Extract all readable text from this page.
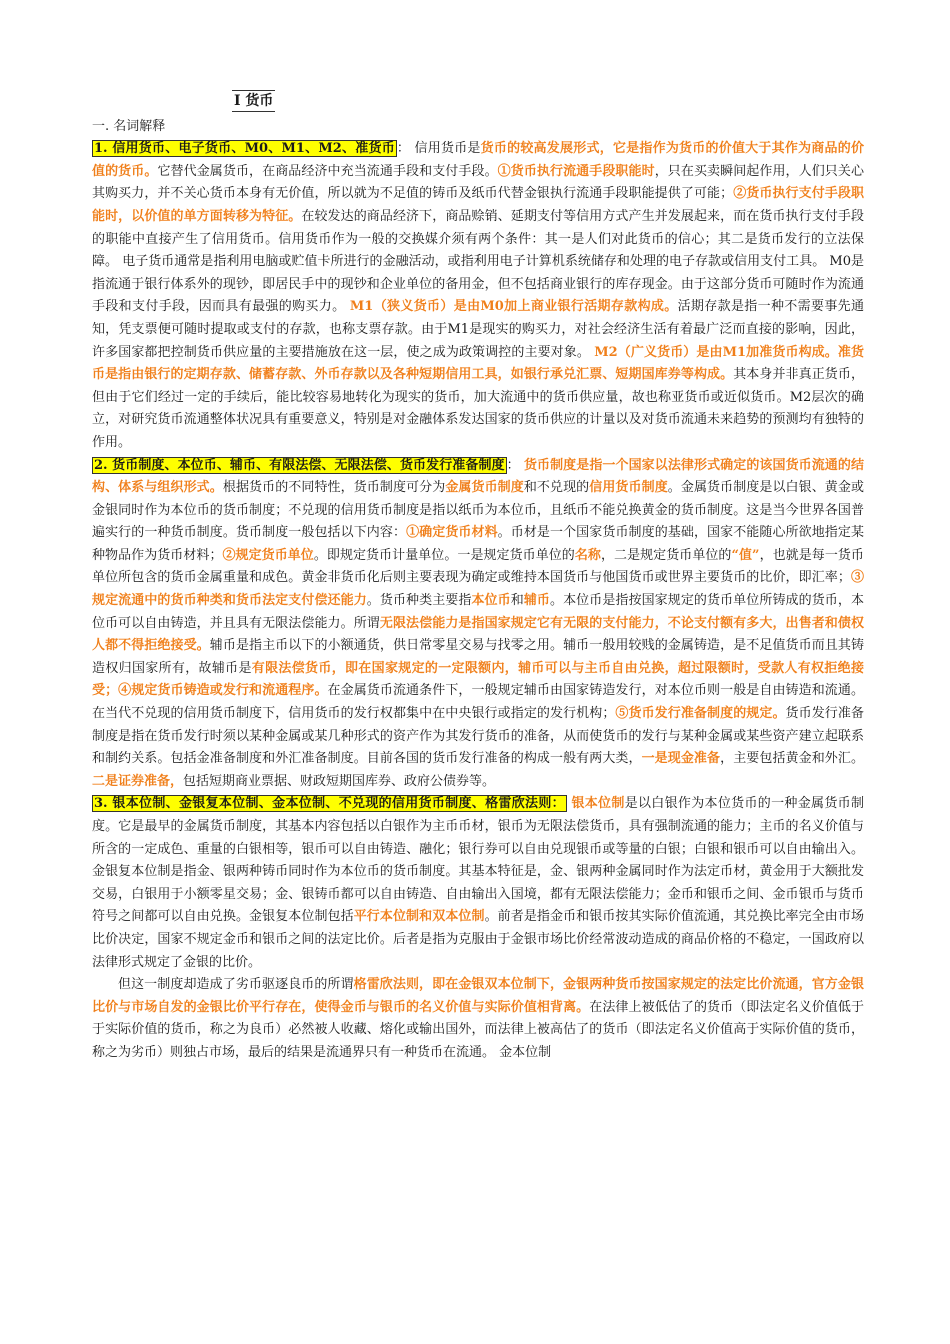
I 货币
一. 名词解释

1. 信用货币、电子货币、M0、M1、M2、准货币 ： 信用货币是货币的较高发展形式，它是指作为货币的价值大于其作为商品的价值的货币。它替代金属货币，在商品经济中充当流通手段和支付手段。①货币执行流通手段职能时，只在买卖瞬间起作用，人们只关心其购买力，并不关心货币本身有无价值，所以就为不足值的铸币及纸币代替金银执行流通手段职能提供了可能；②货币执行支付手段职能时，以价值的单方面转移为特征。在较发达的商品经济下，商品赊销、延期支付等信用方式产生并发展起来，而在货币执行支付手段的职能中直接产生了信用货币。信用货币作为一般的交换媒介须有两个条件：其一是人们对此货币的信心；其二是货币发行的立法保障。 电子货币通常是指利用电脑或贮值卡所进行的金融活动，或指利用电子计算机系统储存和处理的电子存款或信用支付工具。 M0是指流通于银行体系外的现钞，即居民手中的现钞和企业单位的备用金，但不包括商业银行的库存现金。由于这部分货币可随时作为流通手段和支付手段，因而具有最强的购买力。 M1（狭义货币）是由M0加上商业银行活期存款构成。活期存款是指一种不需要事先通知，凭支票便可随时提取或支付的存款，也称支票存款。由于M1是现实的购买力，对社会经济生活有着最广泛而直接的影响，因此，许多国家都把控制货币供应量的主要措施放在这一层，使之成为政策调控的主要对象。 M2（广义货币）是由M1加准货币构成。准货币是指由银行的定期存款、储蓄存款、外币存款以及各种短期信用工具，如银行承兑汇票、短期国库券等构成。其本身并非真正货币，但由于它们经过一定的手续后，能比较容易地转化为现实的货币，加大流通中的货币供应量，故也称亚货币或近似货币。M2层次的确立，对研究货币流通整体状况具有重要意义，特别是对金融体系发达国家的货币供应的计量以及对货币流通未来趋势的预测均有独特的作用。

2. 货币制度、本位币、辅币、有限法偿、无限法偿、货币发行准备制度 ： 货币制度是指一个国家以法律形式确定的该国货币流通的结构、体系与组织形式。根据货币的不同特性，货币制度可分为金属货币制度和不兑现的信用货币制度。金属货币制度是以白银、黄金或金银同时作为本位币的货币制度；不兑现的信用货币制度是指以纸币为本位币，且纸币不能兑换黄金的货币制度。这是当今世界各国普遍实行的一种货币制度。货币制度一般包括以下内容：①确定货币材料。币材是一个国家货币制度的基础，国家不能随心所欲地指定某种物品作为货币材料；②规定货币单位。即规定货币计量单位。一是规定货币单位的名称，二是规定货币单位的“值”，也就是每一货币单位所包含的货币金属重量和成色。黄金非货币化后则主要表现为确定或维持本国货币与他国货币或世界主要货币的比价，即汇率；③规定流通中的货币种类和货币法定支付偿还能力。货币种类主要指本位币和辅币。本位币是指按国家规定的货币单位所铸成的货币，本位币可以自由铸造，并且具有无限法偿能力。所谓无限法偿能力是指国家规定它有无限的支付能力，不论支付额有多大，出售者和债权人都不得拒绝接受。辅币是指主币以下的小额通货，供日常零星交易与找零之用。辅币一般用较贱的金属铸造，是不足值货币而且其铸造权归国家所有，故辅币是有限法偿货币，即在国家规定的一定限额内，辅币可以与主币自由兑换，超过限额时，受款人有权拒绝接受；④规定货币铸造或发行和流通程序。在金属货币流通条件下，一般规定辅币由国家铸造发行，对本位币则一般是自由铸造和流通。在当代不兑现的信用货币制度下，信用货币的发行权都集中在中央银行或指定的发行机构；⑤货币发行准备制度的规定。货币发行准备制度是指在货币发行时须以某种金属或某几种形式的资产作为其发行货币的准备，从而使货币的发行与某种金属或某些资产建立起联系和制约关系。包括金准备制度和外汇准备制度。目前各国的货币发行准备的构成一般有两大类，一是现金准备，主要包括黄金和外汇。二是证券准备，包括短期商业票据、财政短期国库券、政府公债券等。

3. 银本位制、金银复本位制、金本位制、不兑现的信用货币制度、格雷欣法则： 银本位制是以白银作为本位货币的一种金属货币制度。它是最早的金属货币制度，其基本内容包括以白银作为主币币材，银币为无限法偿货币，具有强制流通的能力；主币的名义价值与所含的一定成色、重量的白银相等，银币可以自由铸造、融化；银行券可以自由兑现银币或等量的白银；白银和银币可以自由输出入。 金银复本位制是指金、银两种铸币同时作为本位币的货币制度。其基本特征是，金、银两种金属同时作为法定币材，黄金用于大额批发交易，白银用于小额零星交易；金、银铸币都可以自由铸造、自由输出入国境，都有无限法偿能力；金币和银币之间、金币银币与货币符号之间都可以自由兑换。金银复本位制包括平行本位制和双本位制。前者是指金币和银币按其实际价值流通，其兑换比率完全由市场比价决定，国家不规定金币和银币之间的法定比价。后者是指为克服由于金银市场比价经常波动造成的商品价格的不稳定，一国政府以法律形式规定了金银的比价。

但这一制度却造成了劣币驱逐良币的所谓格雷欣法则，即在金银双本位制下，金银两种货币按国家规定的法定比价流通，官方金银比价与市场自发的金银比价平行存在，使得金币与银币的名义价值与实际价值相背离。在法律上被低估了的货币（即法定名义价值低于于实际价值的货币，称之为良币）必然被人收藏、熔化或输出国外，而法律上被高估了的货币（即法定名义价值高于实际价值的货币，称之为劣币）则独占市场，最后的结果是流通界只有一种货币在流通。 金本位制
